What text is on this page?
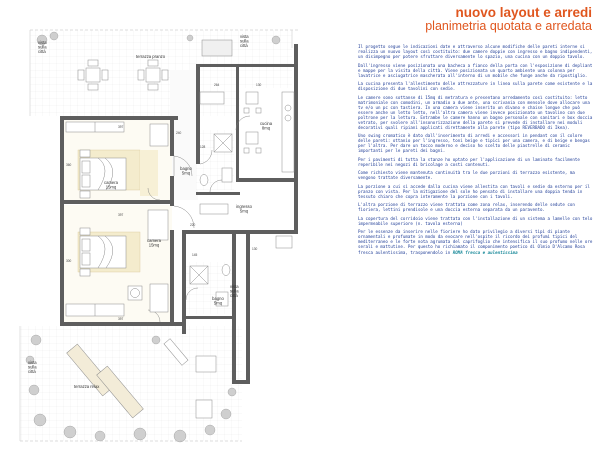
vista sulla città
vista sulla città
vista sulla città
vista sulla città
terrazza pranzo
terrazza relax
camera 15mq
camera 15mq
cucina 8mq
ingresso 5mq
bagno 5mq
bagno 5mq
397
397
264	130
240
128
360
397
220
130
145
300
nuovo layout e arredi
planimetria quotata e arredata

Il progetto segue le indicazioni date e attraverso alcune modifiche delle pareti interne si realizza un nuovo layout così costituito: due camere doppie con ingresso e bagno indipendenti, un disimpegno per potere sfruttare diversamente lo spazio, una cucina con un doppio tavolo.

Dall'ingresso viene posizionata una bachecа a fianco della porta con l'esposizione di depliant e mappe per la visita della città. Viene posizionata un quarto ambiente una colonna per lavatrice e asciugatrice mascherata all'interno di un mobile che funge anche da ripostiglio.

La cucina presenta l'allestimento delle attrezzature in linea sulla parete come esistente e la disposizione di due tavolini con sedie.

Le camere sono sottanse di 15mq di metratura e presentano arredamento così costituito: letto matrimoniale con comodini, un armadio a due ante, una scrivania con mensole dove allocare una tv e/o un pc con tastiera. In una camera viene inserito un divano e chaise longue che può essere anche un letto letto, nell'altra camera viene invece posizionato un tavolino con due poltrone per la lettura. Entrambe le camere hanno un bagno personale con sanitari e box doccia vetrato, per svolere all'insonorizzazione della parete si prevede di installare nei moduli decorativi quali ripiani applicati direttamente alla parete (tipo REVERBADO di Ikea).

Uno swing cromatico è dato dall'inserimento di arredi e accessori in pendant con il colore delle pareti: ottanio per l'ingresso, toni beige e tipici per una camera, e di beige e bengas per l'altra. Per dare un tocco moderno e deciso ho scelto delle piastrelle di ceramic importanti per le pareti dei bagni.

Per i pavimenti di tutta la stanze ho optato per l'applicazione di un laminato facilmente reperibile nei negozi di bricolage a costi contenuti.

Come richiesto viene mantenuta continuità tra le due porzioni di terrazzo esistente, ma vengono trattate diversamente.

La porzione a cui si accede dalla cucina viene allestita con tavoli e sedie da esterno per il pranzo con vista. Per la mitigazione del sole ho pensato di installare una doppia tenda in tessuto chiaro che copra interamente la porzione con i tavoli.

L'altra porzione di terrazzo viene trattata come zona relax, inserendo delle sedute con fioriera, lettini prendisole e una doccia esterna separata da un paravento.

La copertura del corridoio viene trattata con l'installazione di un sistema a lamelle con telo impermeabile superiore (n. tavola esterna)

Per le essenze da inserire nelle fioriere ho dato privilegio a diversi tipi di piante ornamentali e profumate in modo da evocare nell'ospite il ricordo dei profumi tipici del mediterraneo e le forte nota agrumata del caprifoglio che intensifica il suo profumo nelle ore serali e mattutine. Per questo ho richiamato il componimento poetico di Olmio D'Alcamo Rosa fresca aulentissima, trasponendolo in ROMA fresca e aulentissima
